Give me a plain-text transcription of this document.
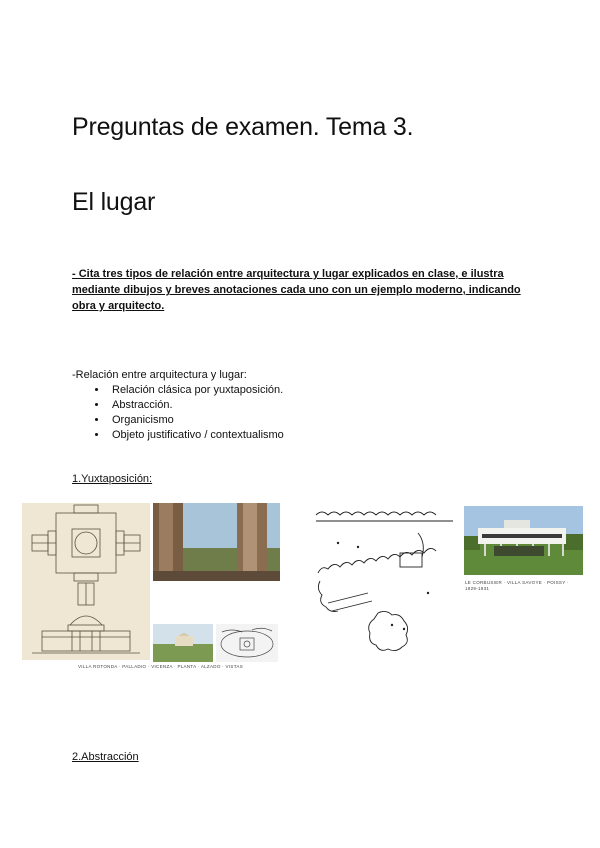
Preguntas de examen. Tema 3.
El lugar
- Cita tres tipos de relación entre arquitectura y lugar explicados en clase, e ilustra mediante dibujos y breves anotaciones cada uno con un ejemplo moderno, indicando obra y arquitecto.
-Relación entre arquitectura y lugar:
• Relación clásica por yuxtaposición.
• Abstracción.
• Organicismo
• Objeto justificativo / contextualismo
1.Yuxtaposición:
VILLA ROTONDA · PALLADIO · VICENZA · PLANTA · ALZADO · VISTAS
LE CORBUSIER · VILLA SAVOYE · POISSY · 1929-1931
2.Abstracción
